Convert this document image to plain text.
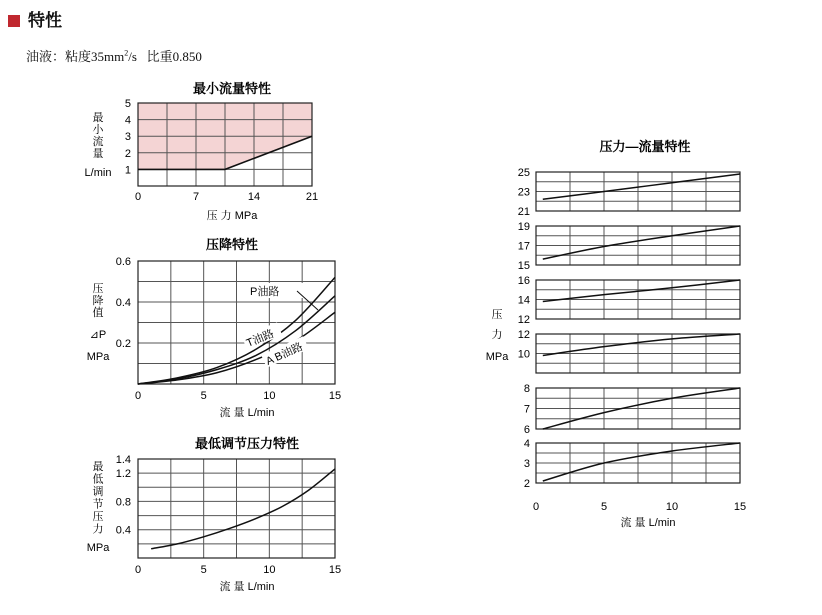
特性
油液：粘度$35mm^2/s$ 比重0.850
最小流量特性
0	7	14	21
1
2
3
4
5
压 力 MPa
最
小
流
量
L/min
压降特性
P油路
T油路
A B油路
0	5	10	15
0.2
0.4
0.6
流 量 L/min
压
降
值
⊿P
MPa
最低调节压力特性
0	5	10	15
0.4
0.8
1.2
1.4
流 量 L/min
最
低
调
节
压
力
MPa
压力—流量特性
21
23
25
15
17
19
12
14
16
10
12
6
7
8
2
3
4
0	5	10	15
流 量 L/min
压
力
MPa
